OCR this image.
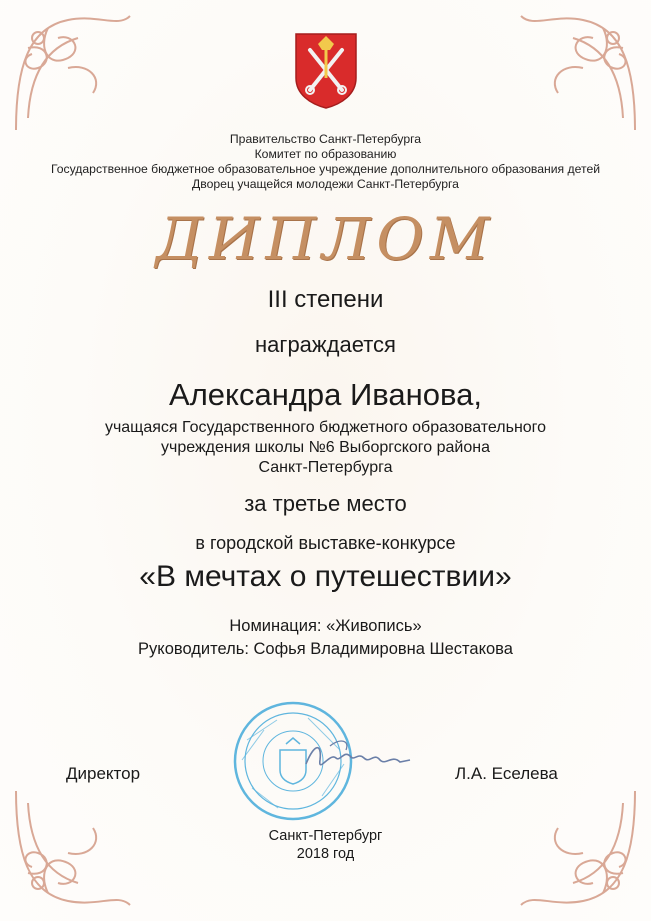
Правительство Санкт-Петербурга
Комитет по образованию
Государственное бюджетное образовательное учреждение дополнительного образования детей
Дворец учащейся молодежи Санкт-Петербурга
ДИПЛОМ
III степени
награждается
Александра Иванова,
учащаяся Государственного бюджетного образовательного
учреждения школы №6 Выборгского района
Санкт-Петербурга
за третье место
в городской выставке-конкурсе
«В мечтах о путешествии»
Номинация: «Живопись»
Руководитель: Софья Владимировна Шестакова
Директор	Л.А. Еселева
Санкт-Петербург
2018 год
